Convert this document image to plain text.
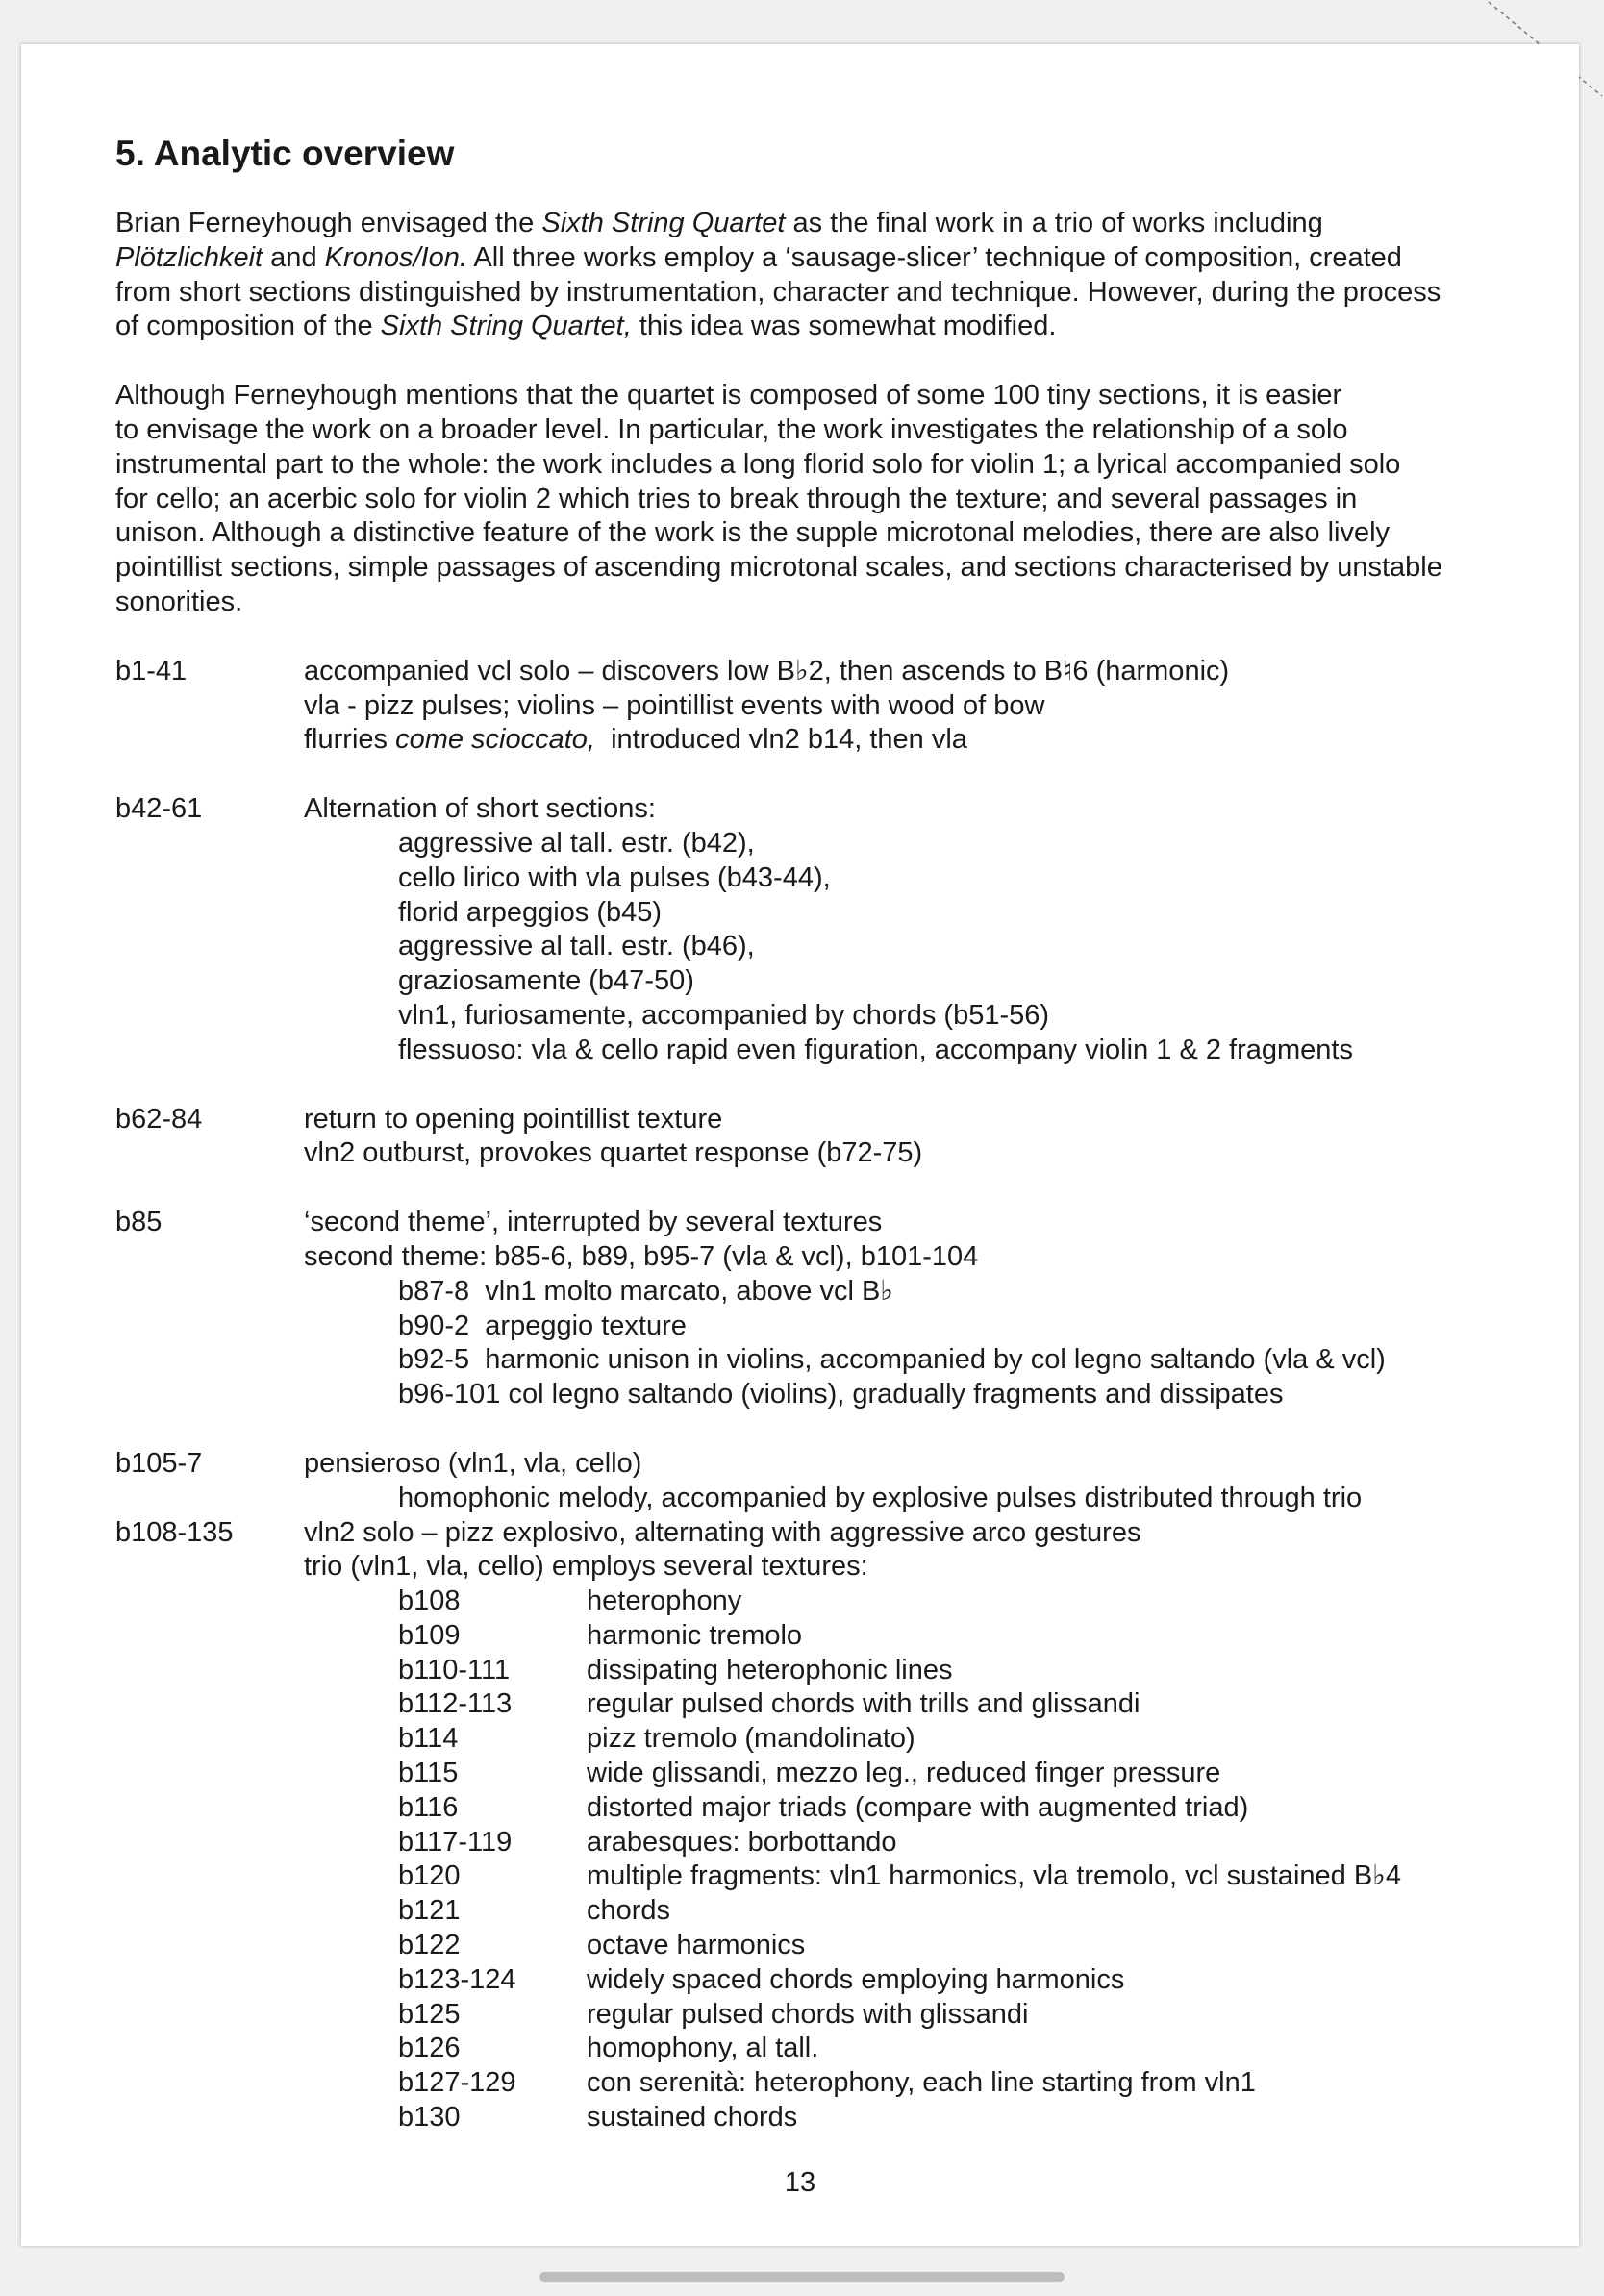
5. Analytic overview
Brian Ferneyhough envisaged the Sixth String Quartet as the final work in a trio of works including
Plötzlichkeit and Kronos/Ion. All three works employ a ‘sausage-slicer’ technique of composition, created
from short sections distinguished by instrumentation, character and technique. However, during the process
of composition of the Sixth String Quartet, this idea was somewhat modified.
Although Ferneyhough mentions that the quartet is composed of some 100 tiny sections, it is easier
to envisage the work on a broader level. In particular, the work investigates the relationship of a solo
instrumental part to the whole: the work includes a long florid solo for violin 1; a lyrical accompanied solo
for cello; an acerbic solo for violin 2 which tries to break through the texture; and several passages in
unison. Although a distinctive feature of the work is the supple microtonal melodies, there are also lively
pointillist sections, simple passages of ascending microtonal scales, and sections characterised by unstable
sonorities.
b1-41	accompanied vcl solo – discovers low B♭2, then ascends to B♮6 (harmonic)
vla - pizz pulses; violins – pointillist events with wood of bow
flurries come scioccato,  introduced vln2 b14, then vla
b42-61	Alternation of short sections:
aggressive al tall. estr. (b42),
cello lirico with vla pulses (b43-44),
florid arpeggios (b45)
aggressive al tall. estr. (b46),
graziosamente (b47-50)
vln1, furiosamente, accompanied by chords (b51-56)
flessuoso: vla & cello rapid even figuration, accompany violin 1 & 2 fragments
b62-84	return to opening pointillist texture
vln2 outburst, provokes quartet response (b72-75)
b85	‘second theme’, interrupted by several textures
second theme: b85-6, b89, b95-7 (vla & vcl), b101-104
b87-8  vln1 molto marcato, above vcl B♭
b90-2  arpeggio texture
b92-5  harmonic unison in violins, accompanied by col legno saltando (vla & vcl)
b96-101 col legno saltando (violins), gradually fragments and dissipates
b105-7	pensieroso (vln1, vla, cello)
homophonic melody, accompanied by explosive pulses distributed through trio
b108-135	vln2 solo – pizz explosivo, alternating with aggressive arco gestures
trio (vln1, vla, cello) employs several textures:
b108	heterophony
b109	harmonic tremolo
b110-111	dissipating heterophonic lines
b112-113	regular pulsed chords with trills and glissandi
b114	pizz tremolo (mandolinato)
b115	wide glissandi, mezzo leg., reduced finger pressure
b116	distorted major triads (compare with augmented triad)
b117-119	arabesques: borbottando
b120	multiple fragments: vln1 harmonics, vla tremolo, vcl sustained B♭4
b121	chords
b122	octave harmonics
b123-124	widely spaced chords employing harmonics
b125	regular pulsed chords with glissandi
b126	homophony, al tall.
b127-129	con serenità: heterophony, each line starting from vln1
b130	sustained chords
13
